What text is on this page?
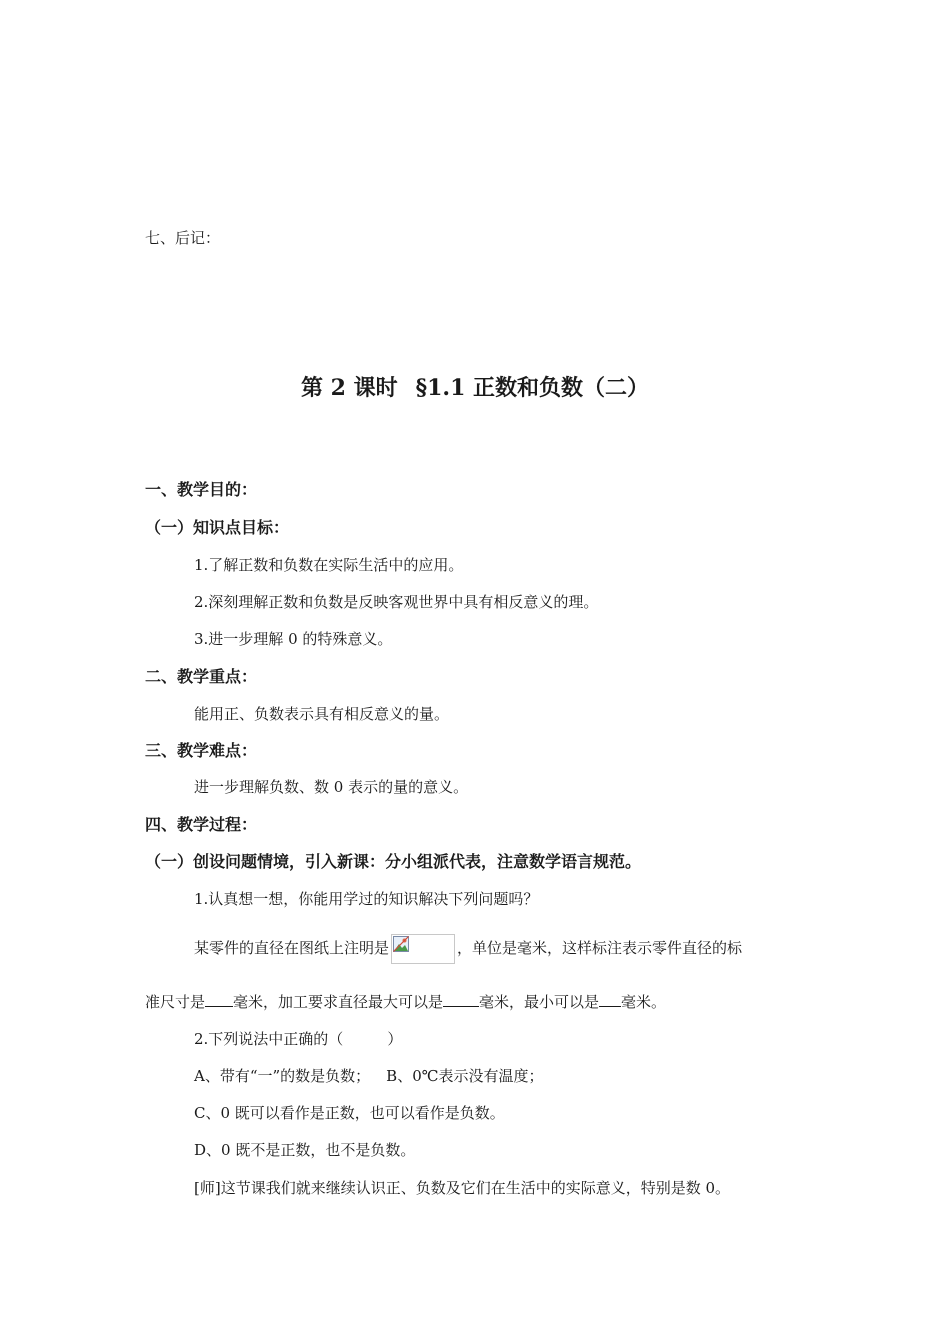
七、后记：
第 2 课时 §1.1 正数和负数（二）
一、教学目的：
（一）知识点目标：
1.了解正数和负数在实际生活中的应用。
2.深刻理解正数和负数是反映客观世界中具有相反意义的理。
3.进一步理解 0 的特殊意义。
二、教学重点：
能用正、负数表示具有相反意义的量。
三、教学难点：
进一步理解负数、数 0 表示的量的意义。
四、教学过程：
（一）创设问题情境，引入新课：分小组派代表，注意数学语言规范。
1.认真想一想，你能用学过的知识解决下列问题吗？
某零件的直径在图纸上注明是	，单位是毫米，这样标注表示零件直径的标
准尺寸是 毫米，加工要求直径最大可以是 毫米，最小可以是 毫米。
2.下列说法中正确的（	）
A、带有“一”的数是负数； B、0℃表示没有温度；
C、0 既可以看作是正数，也可以看作是负数。
D、0 既不是正数，也不是负数。
[师]这节课我们就来继续认识正、负数及它们在生活中的实际意义，特别是数 0。
